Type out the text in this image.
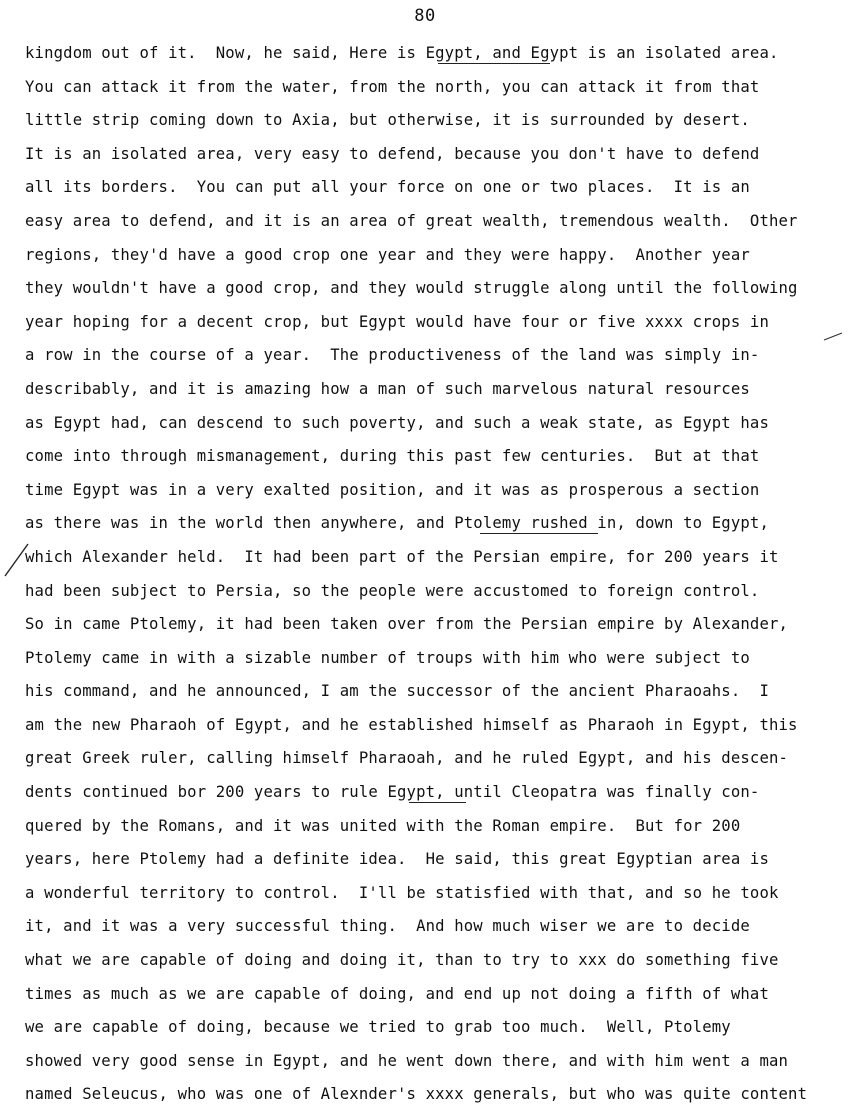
80
kingdom out of it.  Now, he said, Here is Egypt, and Egypt is an isolated area.
You can attack it from the water, from the north, you can attack it from that
little strip coming down to Axia, but otherwise, it is surrounded by desert.
It is an isolated area, very easy to defend, because you don't have to defend
all its borders.  You can put all your force on one or two places.  It is an
easy area to defend, and it is an area of great wealth, tremendous wealth.  Other
regions, they'd have a good crop one year and they were happy.  Another year
they wouldn't have a good crop, and they would struggle along until the following
year hoping for a decent crop, but Egypt would have four or five xxxx crops in
a row in the course of a year.  The productiveness of the land was simply in-
describably, and it is amazing how a man of such marvelous natural resources
as Egypt had, can descend to such poverty, and such a weak state, as Egypt has
come into through mismanagement, during this past few centuries.  But at that
time Egypt was in a very exalted position, and it was as prosperous a section
as there was in the world then anywhere, and Ptolemy rushed in, down to Egypt,
which Alexander held.  It had been part of the Persian empire, for 200 years it
had been subject to Persia, so the people were accustomed to foreign control.
So in came Ptolemy, it had been taken over from the Persian empire by Alexander,
Ptolemy came in with a sizable number of troups with him who were subject to
his command, and he announced, I am the successor of the ancient Pharaoahs.  I
am the new Pharaoh of Egypt, and he established himself as Pharaoh in Egypt, this
great Greek ruler, calling himself Pharaoah, and he ruled Egypt, and his descen-
dents continued bor 200 years to rule Egypt, until Cleopatra was finally con-
quered by the Romans, and it was united with the Roman empire.  But for 200
years, here Ptolemy had a definite idea.  He said, this great Egyptian area is
a wonderful territory to control.  I'll be statisfied with that, and so he took
it, and it was a very successful thing.  And how much wiser we are to decide
what we are capable of doing and doing it, than to try to xxx do something five
times as much as we are capable of doing, and end up not doing a fifth of what
we are capable of doing, because we tried to grab too much.  Well, Ptolemy
showed very good sense in Egypt, and he went down there, and with him went a man
named Seleucus, who was one of Alexnder's xxxx generals, but who was quite content
